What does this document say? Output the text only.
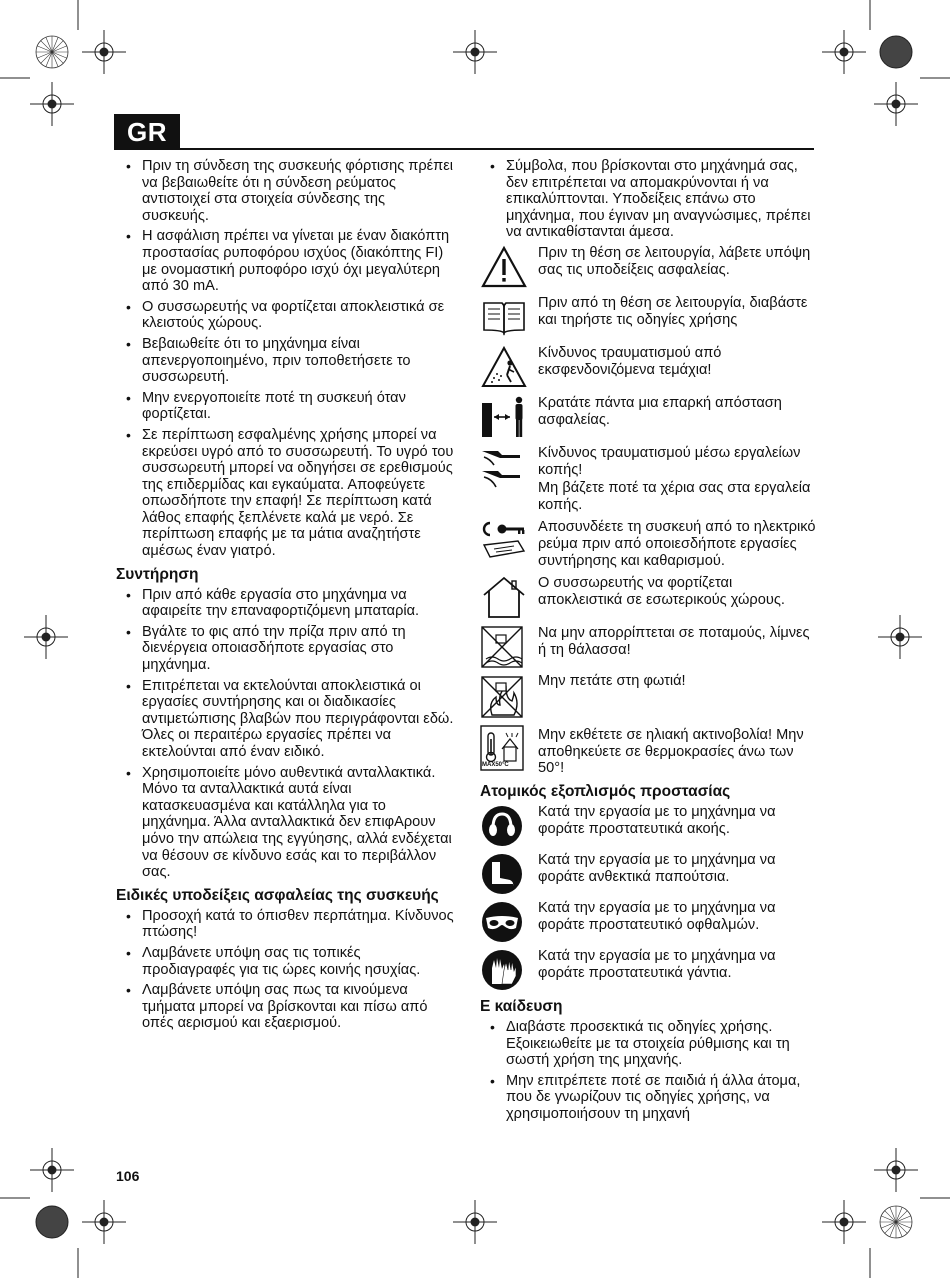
GR
• Πριν τη σύνδεση της συσκευής φόρτισης πρέπει να βεβαιωθείτε ότι η σύνδεση ρεύματος αντιστοιχεί στα στοιχεία σύνδεσης της συσκευής.
• Η ασφάλιση πρέπει να γίνεται με έναν διακόπτη προστασίας ρυποφόρου ισχύος (διακόπτης FI) με ονομαστική ρυποφόρο ισχύ όχι μεγαλύτερη από 30 mA.
• Ο συσσωρευτής να φορτίζεται αποκλειστικά σε κλειστούς χώρους.
• Βεβαιωθείτε ότι το μηχάνημα είναι απενεργοποιημένο, πριν τοποθετήσετε το συσσωρευτή.
• Μην ενεργοποιείτε ποτέ τη συσκευή όταν φορτίζεται.
• Σε περίπτωση εσφαλμένης χρήσης μπορεί να εκρεύσει υγρό από το συσσωρευτή. Το υγρό του συσσωρευτή μπορεί να οδηγήσει σε ερεθισμούς της επιδερμίδας και εγκαύματα. Αποφεύγετε οπωσδήποτε την επαφή! Σε περίπτωση κατά λάθος επαφής ξεπλένετε καλά με νερό. Σε περίπτωση επαφής με τα μάτια αναζητήστε αμέσως έναν γιατρό.
Συντήρηση
• Πριν από κάθε εργασία στο μηχάνημα να αφαιρείτε την επαναφορτιζόμενη μπαταρία.
• Βγάλτε το φις από την πρίζα πριν από τη διενέργεια οποιασδήποτε εργασίας στο μηχάνημα.
• Επιτρέπεται να εκτελούνται αποκλειστικά οι εργασίες συντήρησης και οι διαδικασίες αντιμετώπισης βλαβών που περιγράφονται εδώ. Όλες οι περαιτέρω εργασίες πρέπει να εκτελούνται από έναν ειδικό.
• Χρησιμοποιείτε μόνο αυθεντικά ανταλλακτικά. Μόνο τα ανταλλακτικά αυτά είναι κατασκευασμένα και κατάλληλα για το μηχάνημα. Άλλα ανταλλακτικά δεν επιφΑρουν μόνο την απώλεια της εγγύησης, αλλά ενδέχεται να θέσουν σε κίνδυνο εσάς και το περιβάλλον σας.
Ειδικές υποδείξεις ασφαλείας της συσκευής
• Προσοχή κατά το όπισθεν περπάτημα. Κίνδυνος πτώσης!
• Λαμβάνετε υπόψη σας τις τοπικές προδιαγραφές για τις ώρες κοινής ησυχίας.
• Λαμβάνετε υπόψη σας πως τα κινούμενα τμήματα μπορεί να βρίσκονται και πίσω από οπές αερισμού και εξαερισμού.
• Σύμβολα, που βρίσκονται στο μηχάνημά σας, δεν επιτρέπεται να απομακρύνονται ή να επικαλύπτονται. Υποδείξεις επάνω στο μηχάνημα, που έγιναν μη αναγνώσιμες, πρέπει να αντικαθίστανται άμεσα.
Πριν τη θέση σε λειτουργία, λάβετε υπόψη σας τις υποδείξεις ασφαλείας.
Πριν από τη θέση σε λειτουργία, διαβάστε και τηρήστε τις οδηγίες χρήσης
Κίνδυνος τραυματισμού από εκσφενδονιζόμενα τεμάχια!
Κρατάτε πάντα μια επαρκή απόσταση ασφαλείας.
Κίνδυνος τραυματισμού μέσω εργαλείων κοπής!
Μη βάζετε ποτέ τα χέρια σας στα εργαλεία κοπής.
Αποσυνδέετε τη συσκευή από το ηλεκτρικό ρεύμα πριν από οποιεσδήποτε εργασίες συντήρησης και καθαρισμού.
Ο συσσωρευτής να φορτίζεται αποκλειστικά σε εσωτερικούς χώρους.
Να μην απορρίπτεται σε ποταμούς, λίμνες ή τη θάλασσα!
Μην πετάτε στη φωτιά!
MAX50°C
Μην εκθέτετε σε ηλιακή ακτινοβολία! Μην αποθηκεύετε σε θερμοκρασίες άνω των 50°!
Ατομικός εξοπλισμός προστασίας
Κατά την εργασία με το μηχάνημα να φοράτε προστατευτικά ακοής.
Κατά την εργασία με το μηχάνημα να φοράτε ανθεκτικά παπούτσια.
Κατά την εργασία με το μηχάνημα να φοράτε προστατευτικό οφθαλμών.
Κατά την εργασία με το μηχάνημα να φοράτε προστατευτικά γάντια.
Ε καίδευση
• Διαβάστε προσεκτικά τις οδηγίες χρήσης. Εξοικειωθείτε με τα στοιχεία ρύθμισης και τη σωστή χρήση της μηχανής.
• Μην επιτρέπετε ποτέ σε παιδιά ή άλλα άτομα, που δε γνωρίζουν τις οδηγίες χρήσης, να χρησιμοποιήσουν τη μηχανή
106
